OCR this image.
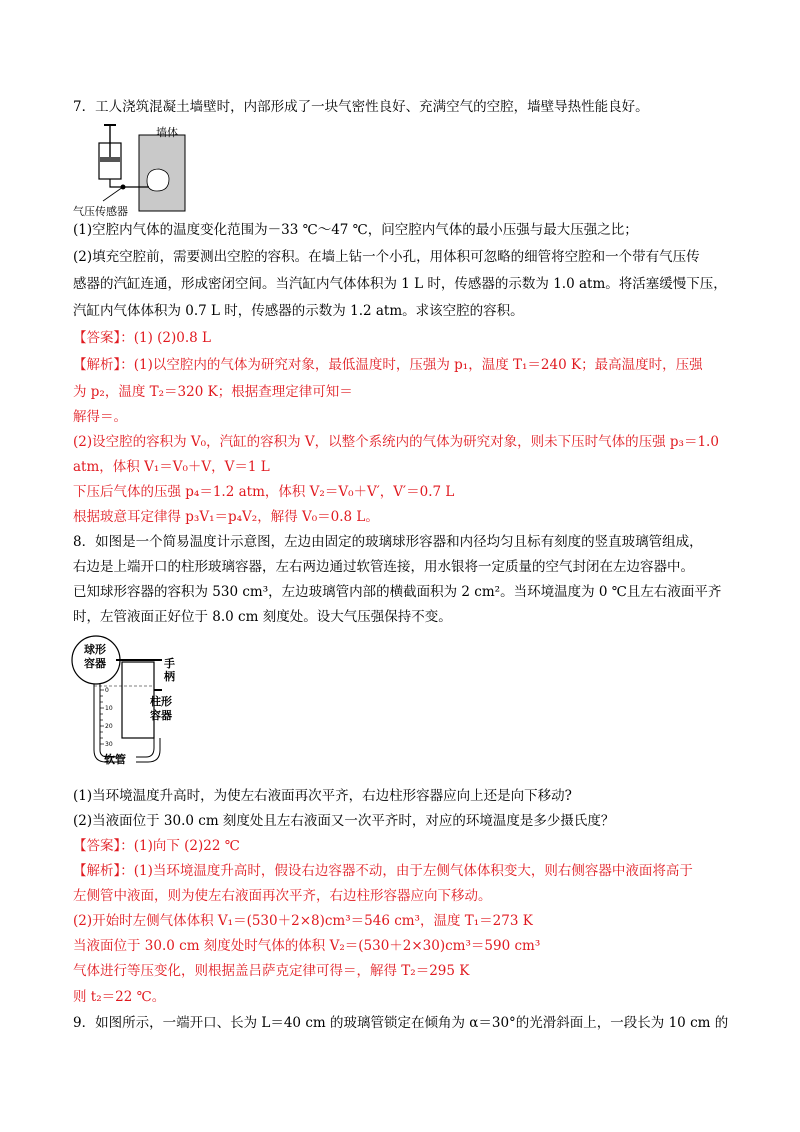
7．工人浇筑混凝土墙壁时，内部形成了一块气密性良好、充满空气的空腔，墙壁导热性能良好。
墙体
气压传感器
(1)空腔内气体的温度变化范围为－33 ℃～47 ℃，问空腔内气体的最小压强与最大压强之比；
(2)填充空腔前，需要测出空腔的容积。在墙上钻一个小孔，用体积可忽略的细管将空腔和一个带有气压传
感器的汽缸连通，形成密闭空间。当汽缸内气体体积为 1 L 时，传感器的示数为 1.0 atm。将活塞缓慢下压，
汽缸内气体体积为 0.7 L 时，传感器的示数为 1.2 atm。求该空腔的容积。
【答案】：(1) (2)0.8 L
【解析】：(1)以空腔内的气体为研究对象，最低温度时，压强为 p₁，温度 T₁＝240 K；最高温度时，压强
为 p₂，温度 T₂＝320 K；根据查理定律可知＝
解得＝。
(2)设空腔的容积为 V₀，汽缸的容积为 V，以整个系统内的气体为研究对象，则未下压时气体的压强 p₃＝1.0
atm，体积 V₁＝V₀＋V，V＝1 L
下压后气体的压强 p₄＝1.2 atm，体积 V₂＝V₀＋V′，V′＝0.7 L
根据玻意耳定律得 p₃V₁＝p₄V₂，解得 V₀＝0.8 L。
8．如图是一个简易温度计示意图，左边由固定的玻璃球形容器和内径均匀且标有刻度的竖直玻璃管组成，
右边是上端开口的柱形玻璃容器，左右两边通过软管连接，用水银将一定质量的空气封闭在左边容器中。
已知球形容器的容积为 530 cm³，左边玻璃管内部的横截面积为 2 cm²。当环境温度为 0 ℃且左右液面平齐
时，左管液面正好位于 8.0 cm 刻度处。设大气压强保持不变。
0
10
20
30
球形
容器	手
柄
柱形
容器
软管
(1)当环境温度升高时，为使左右液面再次平齐，右边柱形容器应向上还是向下移动?
(2)当液面位于 30.0 cm 刻度处且左右液面又一次平齐时，对应的环境温度是多少摄氏度？
【答案】：(1)向下 (2)22 ℃
【解析】：(1)当环境温度升高时，假设右边容器不动，由于左侧气体体积变大，则右侧容器中液面将高于
左侧管中液面，则为使左右液面再次平齐，右边柱形容器应向下移动。
(2)开始时左侧气体体积 V₁＝(530＋2×8)cm³＝546 cm³，温度 T₁＝273 K
当液面位于 30.0 cm 刻度处时气体的体积 V₂＝(530＋2×30)cm³＝590 cm³
气体进行等压变化，则根据盖吕萨克定律可得＝，解得 T₂＝295 K
则 t₂＝22 ℃。
9．如图所示，一端开口、长为 L＝40 cm 的玻璃管锁定在倾角为 α＝30°的光滑斜面上，一段长为 10 cm 的
